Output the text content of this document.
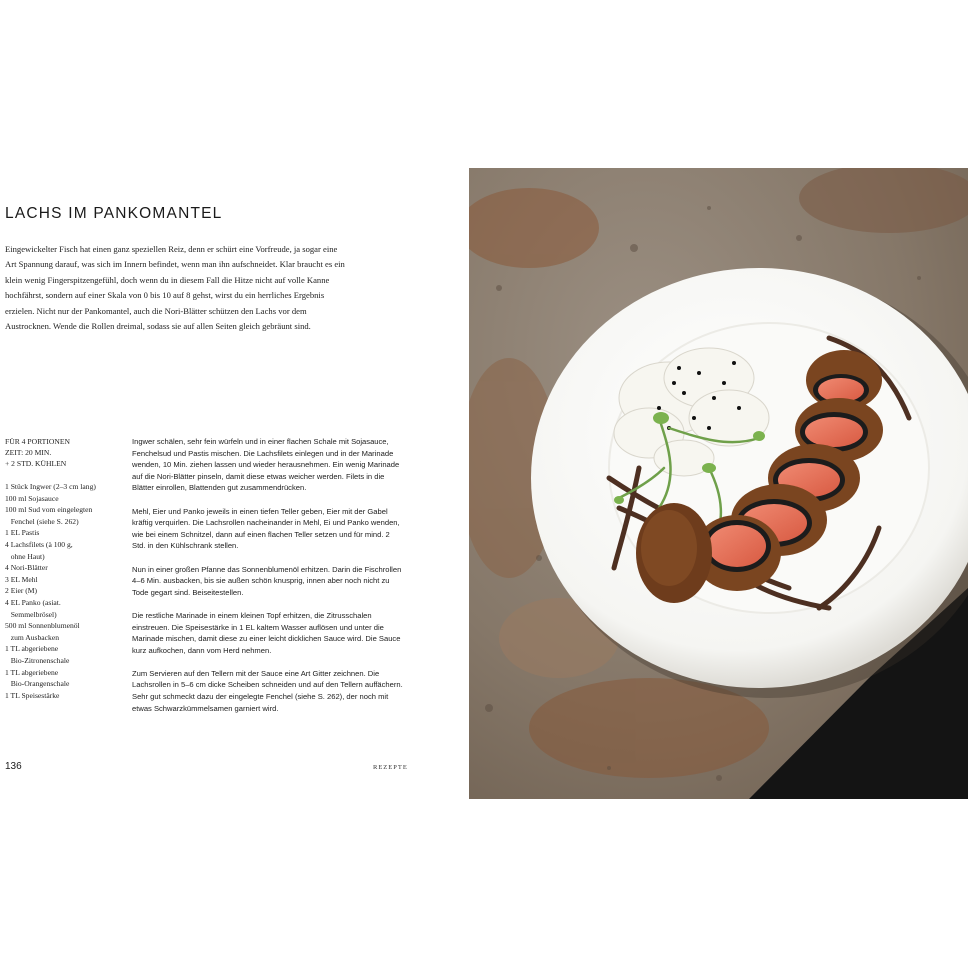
LACHS IM PANKOMANTEL

Eingewickelter Fisch hat einen ganz speziellen Reiz, denn er schürt eine Vorfreude, ja sogar eine Art Spannung darauf, was sich im Innern befindet, wenn man ihn aufschneidet. Klar braucht es ein klein wenig Fingerspitzengefühl, doch wenn du in diesem Fall die Hitze nicht auf volle Kanne hochfährst, sondern auf einer Skala von 0 bis 10 auf 8 gehst, wirst du ein herrliches Ergebnis erzielen. Nicht nur der Pankomantel, auch die Nori-Blätter schützen den Lachs vor dem Austrocknen. Wende die Rollen dreimal, sodass sie auf allen Seiten gleich gebräunt sind.

FÜR 4 PORTIONEN
ZEIT: 20 MIN.
+ 2 STD. KÜHLEN
1 Stück Ingwer (2–3 cm lang)
100 ml Sojasauce
100 ml Sud vom eingelegten
Fenchel (siehe S. 262)
1 EL Pastis
4 Lachsfilets (à 100 g,
ohne Haut)
4 Nori-Blätter
3 EL Mehl
2 Eier (M)
4 EL Panko (asiat.
Semmelbrösel)
500 ml Sonnenblumenöl
zum Ausbacken
1 TL abgeriebene
Bio-Zitronenschale
1 TL abgeriebene
Bio-Orangenschale
1 TL Speisestärke

Ingwer schälen, sehr fein würfeln und in einer flachen Schale mit Sojasauce, Fenchelsud und Pastis mischen. Die Lachsfilets einlegen und in der Marinade wenden, 10 Min. ziehen lassen und wieder herausnehmen. Ein wenig Marinade auf die Nori-Blätter pinseln, damit diese etwas weicher werden. Filets in die Blätter einrollen, Blattenden gut zusammendrücken.

Mehl, Eier und Panko jeweils in einen tiefen Teller geben, Eier mit der Gabel kräftig verquirlen. Die Lachsrollen nacheinander in Mehl, Ei und Panko wenden, wie bei einem Schnitzel, dann auf einen flachen Teller setzen und für mind. 2 Std. in den Kühlschrank stellen.

Nun in einer großen Pfanne das Sonnenblumenöl erhitzen. Darin die Fischrollen 4–6 Min. ausbacken, bis sie außen schön knusprig, innen aber noch nicht zu Tode gegart sind. Beiseitestellen.

Die restliche Marinade in einem kleinen Topf erhitzen, die Zitrusschalen einstreuen. Die Speisestärke in 1 EL kaltem Wasser auflösen und unter die Marinade mischen, damit diese zu einer leicht dicklichen Sauce wird. Die Sauce kurz aufkochen, dann vom Herd nehmen.

Zum Servieren auf den Tellern mit der Sauce eine Art Gitter zeichnen. Die Lachsrollen in 5–6 cm dicke Scheiben schneiden und auf den Tellern auffächern. Sehr gut schmeckt dazu der eingelegte Fenchel (siehe S. 262), der noch mit etwas Schwarzkümmelsamen garniert wird.

136	REZEPTE
